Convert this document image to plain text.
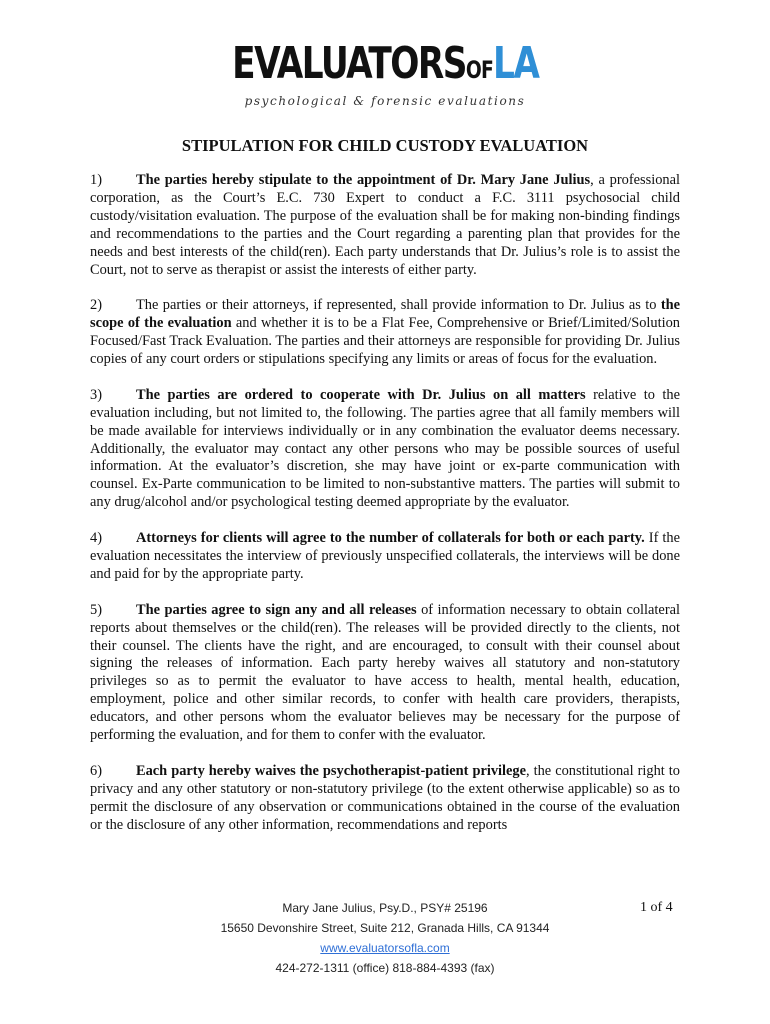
EVALUATORSOFLA
psychological & forensic evaluations
STIPULATION FOR CHILD CUSTODY EVALUATION

1) The parties hereby stipulate to the appointment of Dr. Mary Jane Julius, a professional corporation, as the Court’s E.C. 730 Expert to conduct a F.C. 3111 psychosocial child custody/visitation evaluation. The purpose of the evaluation shall be for making non-binding findings and recommendations to the parties and the Court regarding a parenting plan that provides for the needs and best interests of the child(ren). Each party understands that Dr. Julius’s role is to assist the Court, not to serve as therapist or assist the interests of either party.

2) The parties or their attorneys, if represented, shall provide information to Dr. Julius as to the scope of the evaluation and whether it is to be a Flat Fee, Comprehensive or Brief/Limited/Solution Focused/Fast Track Evaluation. The parties and their attorneys are responsible for providing Dr. Julius copies of any court orders or stipulations specifying any limits or areas of focus for the evaluation.

3) The parties are ordered to cooperate with Dr. Julius on all matters relative to the evaluation including, but not limited to, the following. The parties agree that all family members will be made available for interviews individually or in any combination the evaluator deems necessary. Additionally, the evaluator may contact any other persons who may be possible sources of useful information. At the evaluator’s discretion, she may have joint or ex-parte communication with counsel. Ex-Parte communication to be limited to non-substantive matters. The parties will submit to any drug/alcohol and/or psychological testing deemed appropriate by the evaluator.

4) Attorneys for clients will agree to the number of collaterals for both or each party. If the evaluation necessitates the interview of previously unspecified collaterals, the interviews will be done and paid for by the appropriate party.

5) The parties agree to sign any and all releases of information necessary to obtain collateral reports about themselves or the child(ren). The releases will be provided directly to the clients, not their counsel. The clients have the right, and are encouraged, to consult with their counsel about signing the releases of information. Each party hereby waives all statutory and non-statutory privileges so as to permit the evaluator to have access to health, mental health, education, employment, police and other similar records, to confer with health care providers, therapists, educators, and other persons whom the evaluator believes may be necessary for the purpose of performing the evaluation, and for them to confer with the evaluator.

6) Each party hereby waives the psychotherapist-patient privilege, the constitutional right to privacy and any other statutory or non-statutory privilege (to the extent otherwise applicable) so as to permit the disclosure of any observation or communications obtained in the course of the evaluation or the disclosure of any other information, recommendations and reports

Mary Jane Julius, Psy.D., PSY# 25196
15650 Devonshire Street, Suite 212, Granada Hills, CA 91344
www.evaluatorsofla.com
424-272-1311 (office) 818-884-4393 (fax)
1 of 4
